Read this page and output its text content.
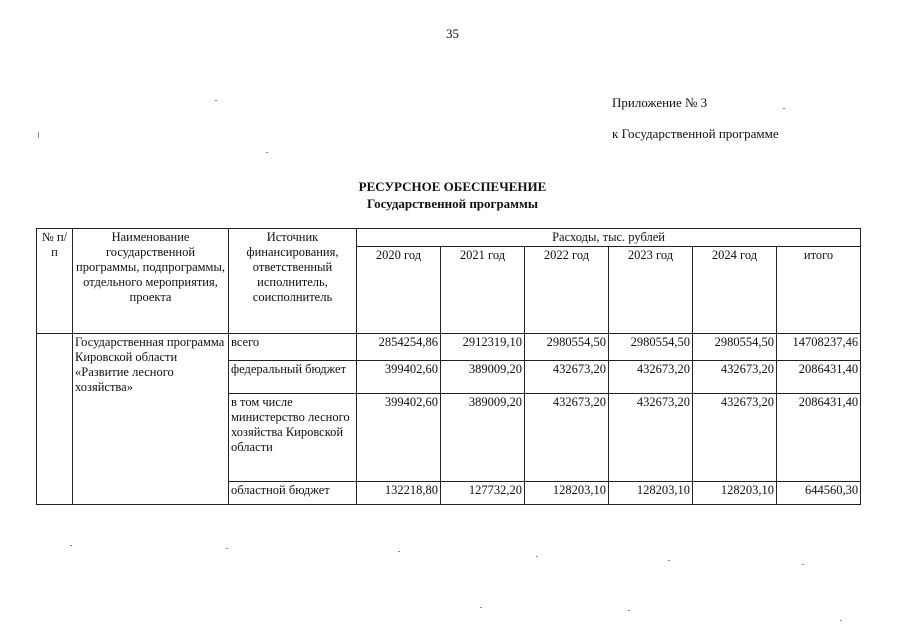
35
Приложение № 3
к Государственной программе
РЕСУРСНОЕ ОБЕСПЕЧЕНИЕ
Государственной программы
№ п/п	Наименование государственной программы, подпрограммы, отдельного мероприятия, проекта	Источник финансирования, ответственный исполнитель, соисполнитель	Расходы, тыс. рублей					
			2020 год	2021 год	2022 год	2023 год	2024 год	итого
	Государственная программа Кировской области «Развитие лесного хозяйства»	всего	2854254,86	2912319,10	2980554,50	2980554,50	2980554,50	14708237,46
		федеральный бюджет	399402,60	389009,20	432673,20	432673,20	432673,20	2086431,40
		в том числе министерство лесного хозяйства Кировской области	399402,60	389009,20	432673,20	432673,20	432673,20	2086431,40
		областной бюджет	132218,80	127732,20	128203,10	128203,10	128203,10	644560,30
